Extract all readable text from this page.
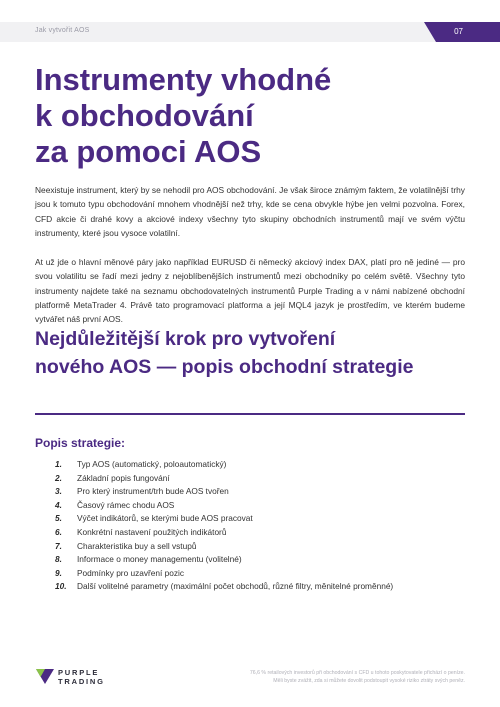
Jak vytvořit AOS	07
Instrumenty vhodné
k obchodování
za pomoci AOS

Neexistuje instrument, který by se nehodil pro AOS obchodování. Je však široce známým faktem, že volatilnější trhy jsou k tomuto typu obchodování mnohem vhodnější než trhy, kde se cena obvykle hýbe jen velmi pozvolna. Forex, CFD akcie či drahé kovy a akciové indexy všechny tyto skupiny obchodních instrumentů mají ve svém výčtu instrumenty, které jsou vysoce volatilní.

At už jde o hlavní měnové páry jako například EURUSD či německý akciový index DAX, platí pro ně jediné — pro svou volatilitu se řadí mezi jedny z nejoblíbenějších instrumentů mezi obchodníky po celém světě. Všechny tyto instrumenty najdete také na seznamu obchodovatelných instrumentů Purple Trading a v námi nabízené obchodní platformě MetaTrader 4. Právě tato programovací platforma a její MQL4 jazyk je prostředím, ve kterém budeme vytvářet náš první AOS.

Nejdůležitější krok pro vytvoření
nového AOS — popis obchodní strategie
Popis strategie:
1.	Typ AOS (automatický, poloautomatický)
2.	Základní popis fungování
3.	Pro který instrument/trh bude AOS tvořen
4.	Časový rámec chodu AOS
5.	Výčet indikátorů, se kterými bude AOS pracovat
6.	Konkrétní nastavení použitých indikátorů
7.	Charakteristika buy a sell vstupů
8.	Informace o money managementu (volitelné)
9.	Podmínky pro uzavření pozic
10.	Další volitelné parametry (maximální počet obchodů, různé filtry, měnitelné proměnné)
PURPLE
TRADING
76,6 % retailových investorů při obchodování s CFD u tohoto poskytovatele přichází o peníze.
Měli byste zvážit, zda si můžete dovolit podstoupit vysoké riziko ztráty svých peněz.
